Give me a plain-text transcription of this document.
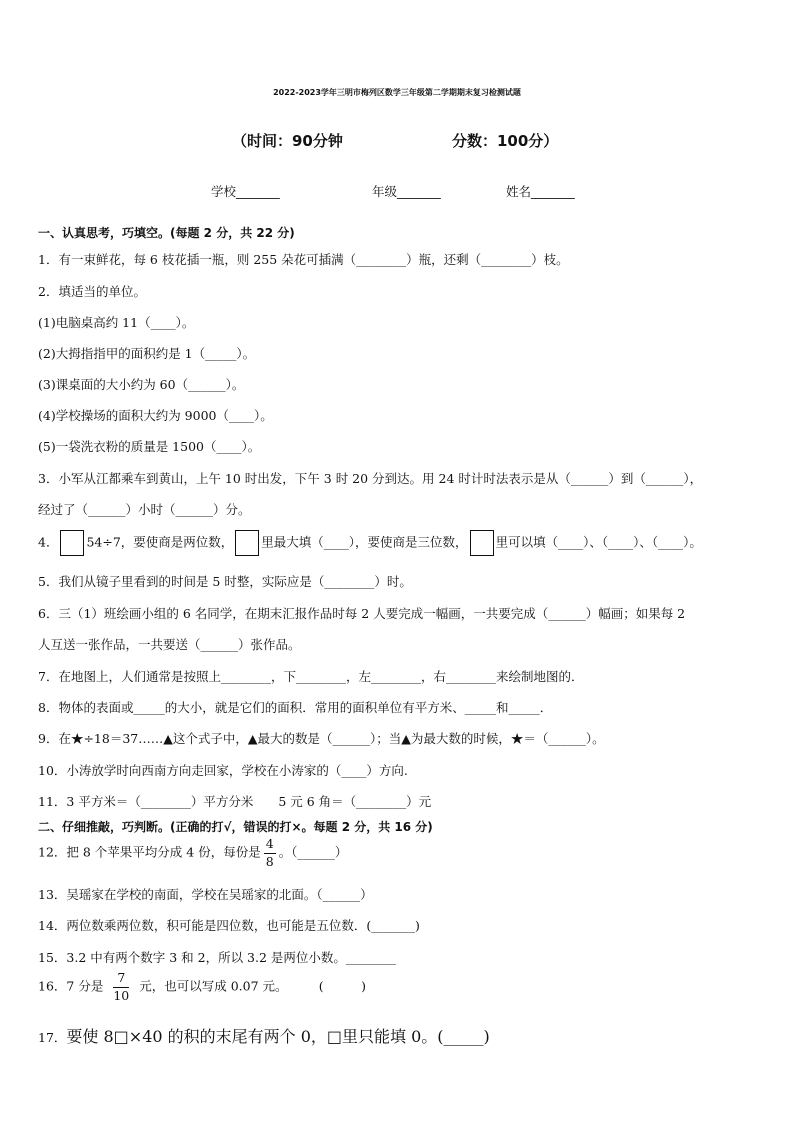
2022-2023学年三明市梅列区数学三年级第二学期期末复习检测试题
（时间：90分钟	分数：100分）
学校_______	年级_______	姓名_______
一、认真思考，巧填空。(每题 2 分，共 22 分)
1．有一束鲜花，每 6 枝花插一瓶，则 255 朵花可插满（________）瓶，还剩（________）枝。
2．填适当的单位。
(1)电脑桌高约 11（____）。
(2)大拇指指甲的面积约是 1（_____）。
(3)课桌面的大小约为 60（______）。
(4)学校操场的面积大约为 9000（____）。
(5)一袋洗衣粉的质量是 1500（____）。
3．小军从江都乘车到黄山，上午 10 时出发，下午 3 时 20 分到达。用 24 时计时法表示是从（______）到（______），
经过了（______）小时（______）分。
4． 54÷7，要使商是两位数， 里最大填（____），要使商是三位数， 里可以填（____）、（____）、（____）。
5．我们从镜子里看到的时间是 5 时整，实际应是（________）时。
6．三（1）班绘画小组的 6 名同学，在期末汇报作品时每 2 人要完成一幅画，一共要完成（______）幅画；如果每 2
人互送一张作品，一共要送（______）张作品。
7．在地图上，人们通常是按照上________，下________，左________，右________来绘制地图的．
8．物体的表面或_____的大小，就是它们的面积．常用的面积单位有平方米、_____和_____．
9．在★÷18＝37……▲这个式子中，▲最大的数是（______）；当▲为最大数的时候，★＝（______）。
10．小涛放学时向西南方向走回家，学校在小涛家的（____）方向.
11．3 平方米＝（________）平方分米　　5 元 6 角＝（________）元
二、仔细推敲，巧判断。(正确的打√，错误的打×。每题 2 分，共 16 分)
12．把 8 个苹果平均分成 4 份，每份是 $\frac{4}{8}$ 。（______）
13．吴瑶家在学校的南面，学校在吴瑶家的北面。（______）
14．两位数乘两位数，积可能是四位数，也可能是五位数．(_______)
15．3.2 中有两个数字 3 和 2，所以 3.2 是两位小数。________
16．7 分是 $\frac{7}{10}$ 元，也可以写成 0.07 元。　　　(　　　)
17．要使 8□×40 的积的末尾有两个 0，□里只能填 0。(_____)
